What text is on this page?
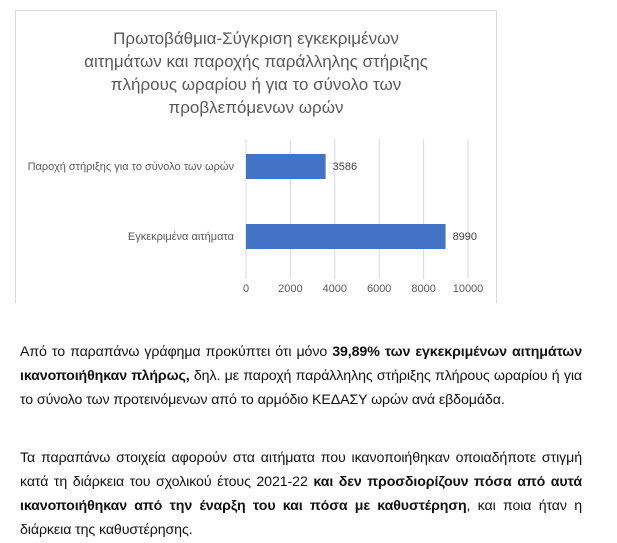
Πρωτοβάθμια-Σύγκριση εγκεκριμένων
αιτημάτων και παροχής παράλληλης στήριξης
πλήρους ωραρίου ή για το σύνολο των
προβλεπόμενων ωρών
0	2000 4000 6000 8000 10000
3586
Παροχή στήριξης για το σύνολο των ωρών
8990
Εγκεκριμένα αιτήματα
Από το παραπάνω γράφημα προκύπτει ότι μόνο 39,89% των εγκεκριμένων αιτημάτων ικανοποιήθηκαν πλήρως, δηλ. με παροχή παράλληλης στήριξης πλήρους ωραρίου ή για το σύνολο των προτεινόμενων από το αρμόδιο ΚΕΔΑΣΥ ωρών ανά εβδομάδα.
Τα παραπάνω στοιχεία αφορούν στα αιτήματα που ικανοποιήθηκαν οποιαδήποτε στιγμή κατά τη διάρκεια του σχολικού έτους 2021-22 και δεν προσδιορίζουν πόσα από αυτά ικανοποιήθηκαν από την έναρξη του και πόσα με καθυστέρηση, και ποια ήταν η διάρκεια της καθυστέρησης.
